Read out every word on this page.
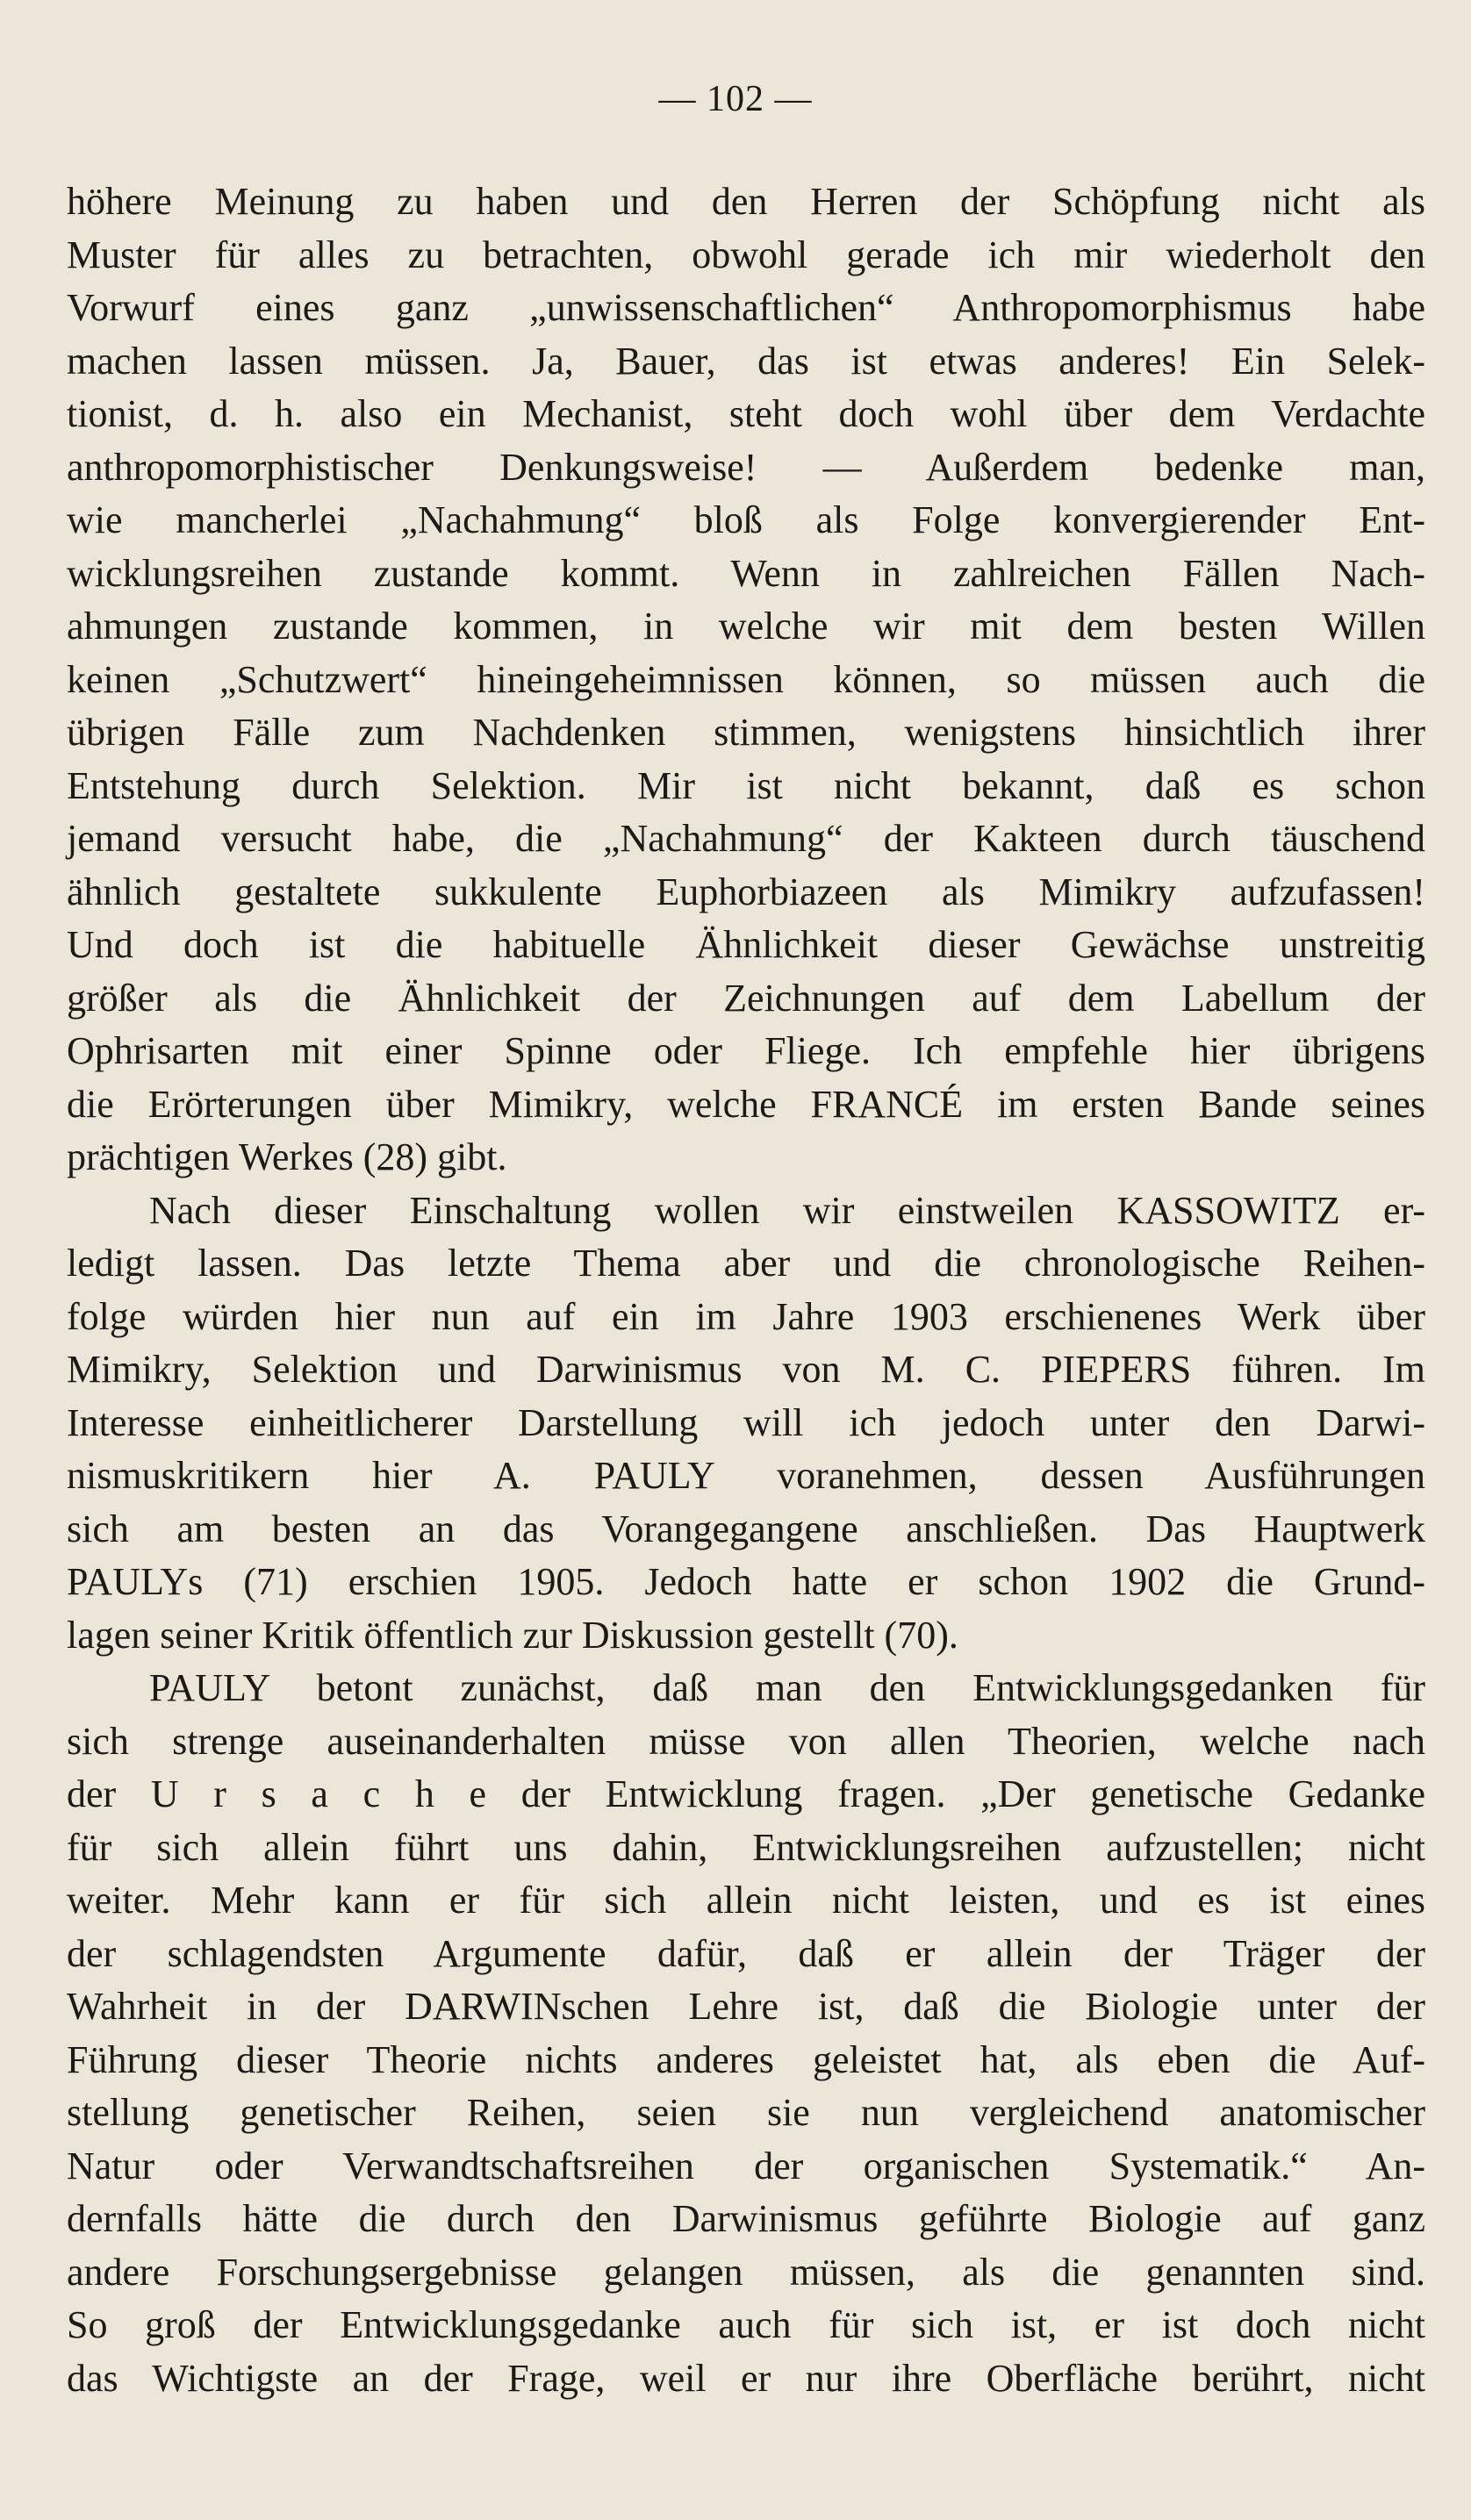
— 102 —
höhere Meinung zu haben und den Herren der Schöpfung nicht als
Muster für alles zu betrachten, obwohl gerade ich mir wiederholt den
Vorwurf eines ganz „unwissenschaftlichen“ Anthropomorphismus habe
machen lassen müssen. Ja, Bauer, das ist etwas anderes! Ein Selek-
tionist, d. h. also ein Mechanist, steht doch wohl über dem Verdachte
anthropomorphistischer Denkungsweise! — Außerdem bedenke man,
wie mancherlei „Nachahmung“ bloß als Folge konvergierender Ent-
wicklungsreihen zustande kommt. Wenn in zahlreichen Fällen Nach-
ahmungen zustande kommen, in welche wir mit dem besten Willen
keinen „Schutzwert“ hineingeheimnissen können, so müssen auch die
übrigen Fälle zum Nachdenken stimmen, wenigstens hinsichtlich ihrer
Entstehung durch Selektion. Mir ist nicht bekannt, daß es schon
jemand versucht habe, die „Nachahmung“ der Kakteen durch täuschend
ähnlich gestaltete sukkulente Euphorbiazeen als Mimikry aufzufassen!
Und doch ist die habituelle Ähnlichkeit dieser Gewächse unstreitig
größer als die Ähnlichkeit der Zeichnungen auf dem Labellum der
Ophrisarten mit einer Spinne oder Fliege. Ich empfehle hier übrigens
die Erörterungen über Mimikry, welche FRANCÉ im ersten Bande seines
prächtigen Werkes (28) gibt.
Nach dieser Einschaltung wollen wir einstweilen KASSOWITZ er-
ledigt lassen. Das letzte Thema aber und die chronologische Reihen-
folge würden hier nun auf ein im Jahre 1903 erschienenes Werk über
Mimikry, Selektion und Darwinismus von M. C. PIEPERS führen. Im
Interesse einheitlicherer Darstellung will ich jedoch unter den Darwi-
nismuskritikern hier A. PAULY voranehmen, dessen Ausführungen
sich am besten an das Vorangegangene anschließen. Das Hauptwerk
PAULYs (71) erschien 1905. Jedoch hatte er schon 1902 die Grund-
lagen seiner Kritik öffentlich zur Diskussion gestellt (70).
PAULY betont zunächst, daß man den Entwicklungsgedanken für
sich strenge auseinanderhalten müsse von allen Theorien, welche nach
der U r s a c h e der Entwicklung fragen. „Der genetische Gedanke
für sich allein führt uns dahin, Entwicklungsreihen aufzustellen; nicht
weiter. Mehr kann er für sich allein nicht leisten, und es ist eines
der schlagendsten Argumente dafür, daß er allein der Träger der
Wahrheit in der DARWINschen Lehre ist, daß die Biologie unter der
Führung dieser Theorie nichts anderes geleistet hat, als eben die Auf-
stellung genetischer Reihen, seien sie nun vergleichend anatomischer
Natur oder Verwandtschaftsreihen der organischen Systematik.“ An-
dernfalls hätte die durch den Darwinismus geführte Biologie auf ganz
andere Forschungsergebnisse gelangen müssen, als die genannten sind.
So groß der Entwicklungsgedanke auch für sich ist, er ist doch nicht
das Wichtigste an der Frage, weil er nur ihre Oberfläche berührt, nicht
